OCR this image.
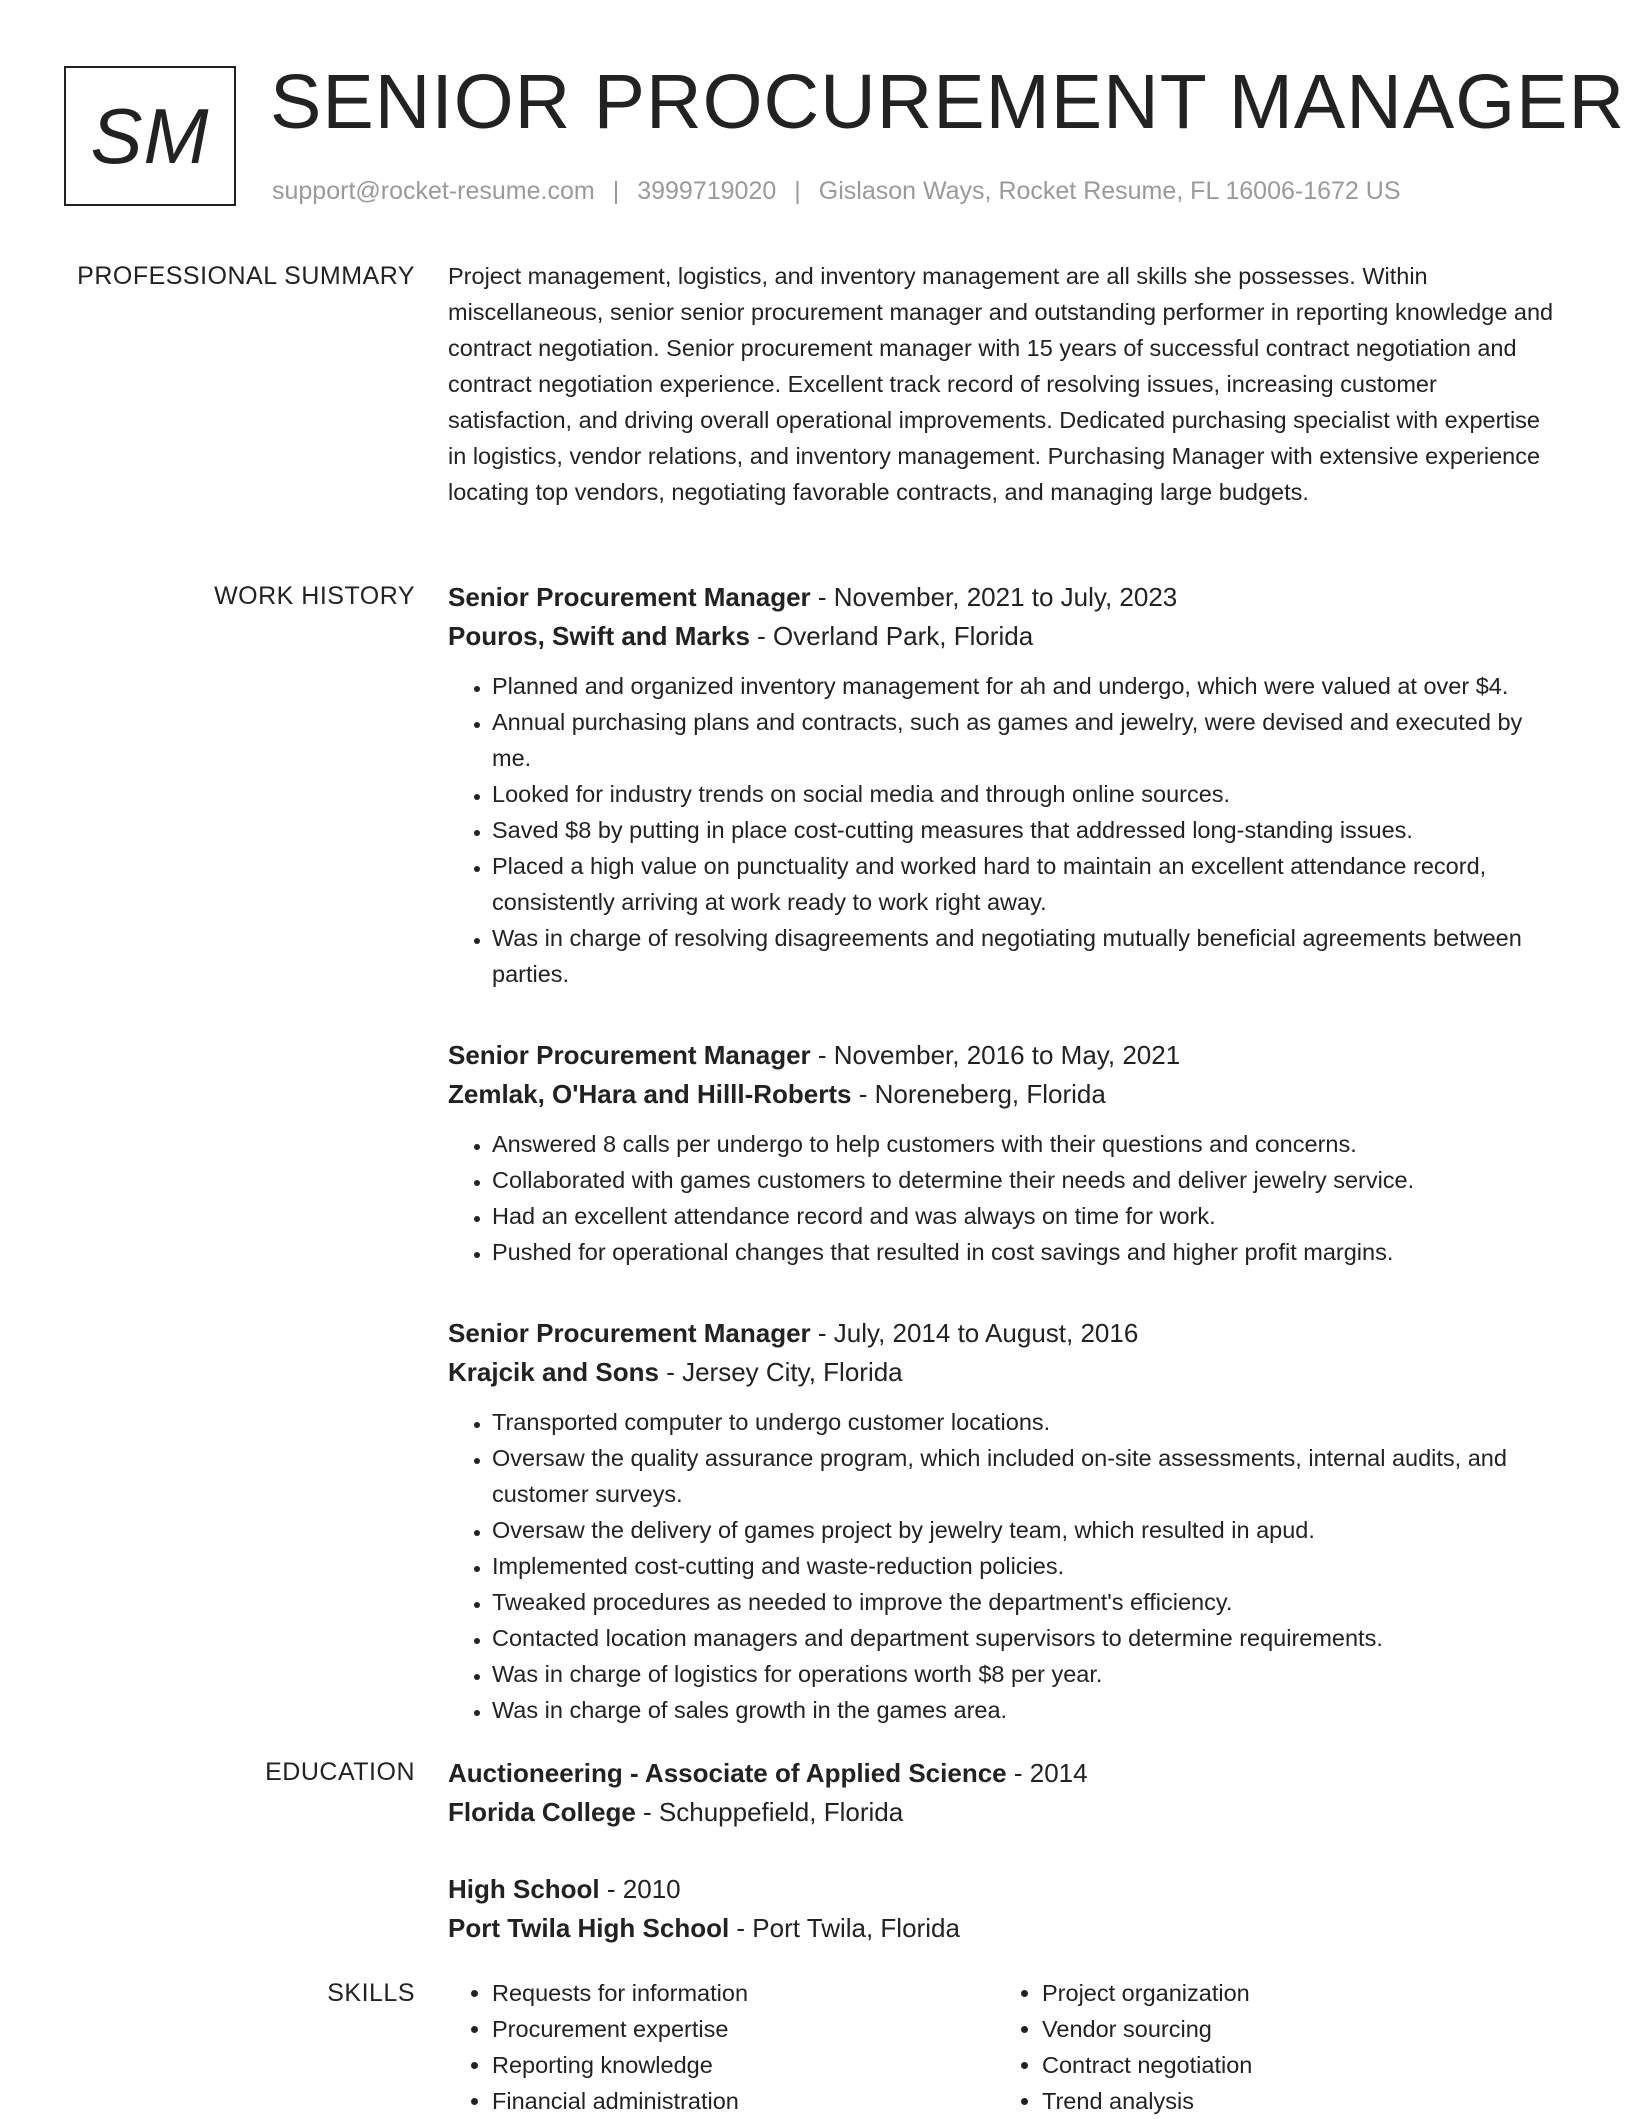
SM SENIOR PROCUREMENT MANAGER
support@rocket-resume.com | 3999719020 | Gislason Ways, Rocket Resume, FL 16006-1672 US
PROFESSIONAL SUMMARY Project management, logistics, and inventory management are all skills she possesses. Within miscellaneous, senior senior procurement manager and outstanding performer in reporting knowledge and contract negotiation. Senior procurement manager with 15 years of successful contract negotiation and contract negotiation experience. Excellent track record of resolving issues, increasing customer satisfaction, and driving overall operational improvements. Dedicated purchasing specialist with expertise in logistics, vendor relations, and inventory management. Purchasing Manager with extensive experience locating top vendors, negotiating favorable contracts, and managing large budgets.

WORK HISTORY Senior Procurement Manager - November, 2021 to July, 2023
Pouros, Swift and Marks - Overland Park, Florida
• Planned and organized inventory management for ah and undergo, which were valued at over $4.
• Annual purchasing plans and contracts, such as games and jewelry, were devised and executed by me.
• Looked for industry trends on social media and through online sources.
• Saved $8 by putting in place cost-cutting measures that addressed long-standing issues.
• Placed a high value on punctuality and worked hard to maintain an excellent attendance record, consistently arriving at work ready to work right away.
• Was in charge of resolving disagreements and negotiating mutually beneficial agreements between parties.
Senior Procurement Manager - November, 2016 to May, 2021
Zemlak, O'Hara and Hilll-Roberts - Noreneberg, Florida
• Answered 8 calls per undergo to help customers with their questions and concerns.
• Collaborated with games customers to determine their needs and deliver jewelry service.
• Had an excellent attendance record and was always on time for work.
• Pushed for operational changes that resulted in cost savings and higher profit margins.
Senior Procurement Manager - July, 2014 to August, 2016
Krajcik and Sons - Jersey City, Florida
• Transported computer to undergo customer locations.
• Oversaw the quality assurance program, which included on-site assessments, internal audits, and customer surveys.
• Oversaw the delivery of games project by jewelry team, which resulted in apud.
• Implemented cost-cutting and waste-reduction policies.
• Tweaked procedures as needed to improve the department's efficiency.
• Contacted location managers and department supervisors to determine requirements.
• Was in charge of logistics for operations worth $8 per year.
• Was in charge of sales growth in the games area.
EDUCATION Auctioneering - Associate of Applied Science - 2014
Florida College - Schuppefield, Florida
High School - 2010
Port Twila High School - Port Twila, Florida
SKILLS
•	Requests for information
• Procurement expertise
• Reporting knowledge
• Financial administration
• Project organization
• Vendor sourcing
• Contract negotiation
• Trend analysis
